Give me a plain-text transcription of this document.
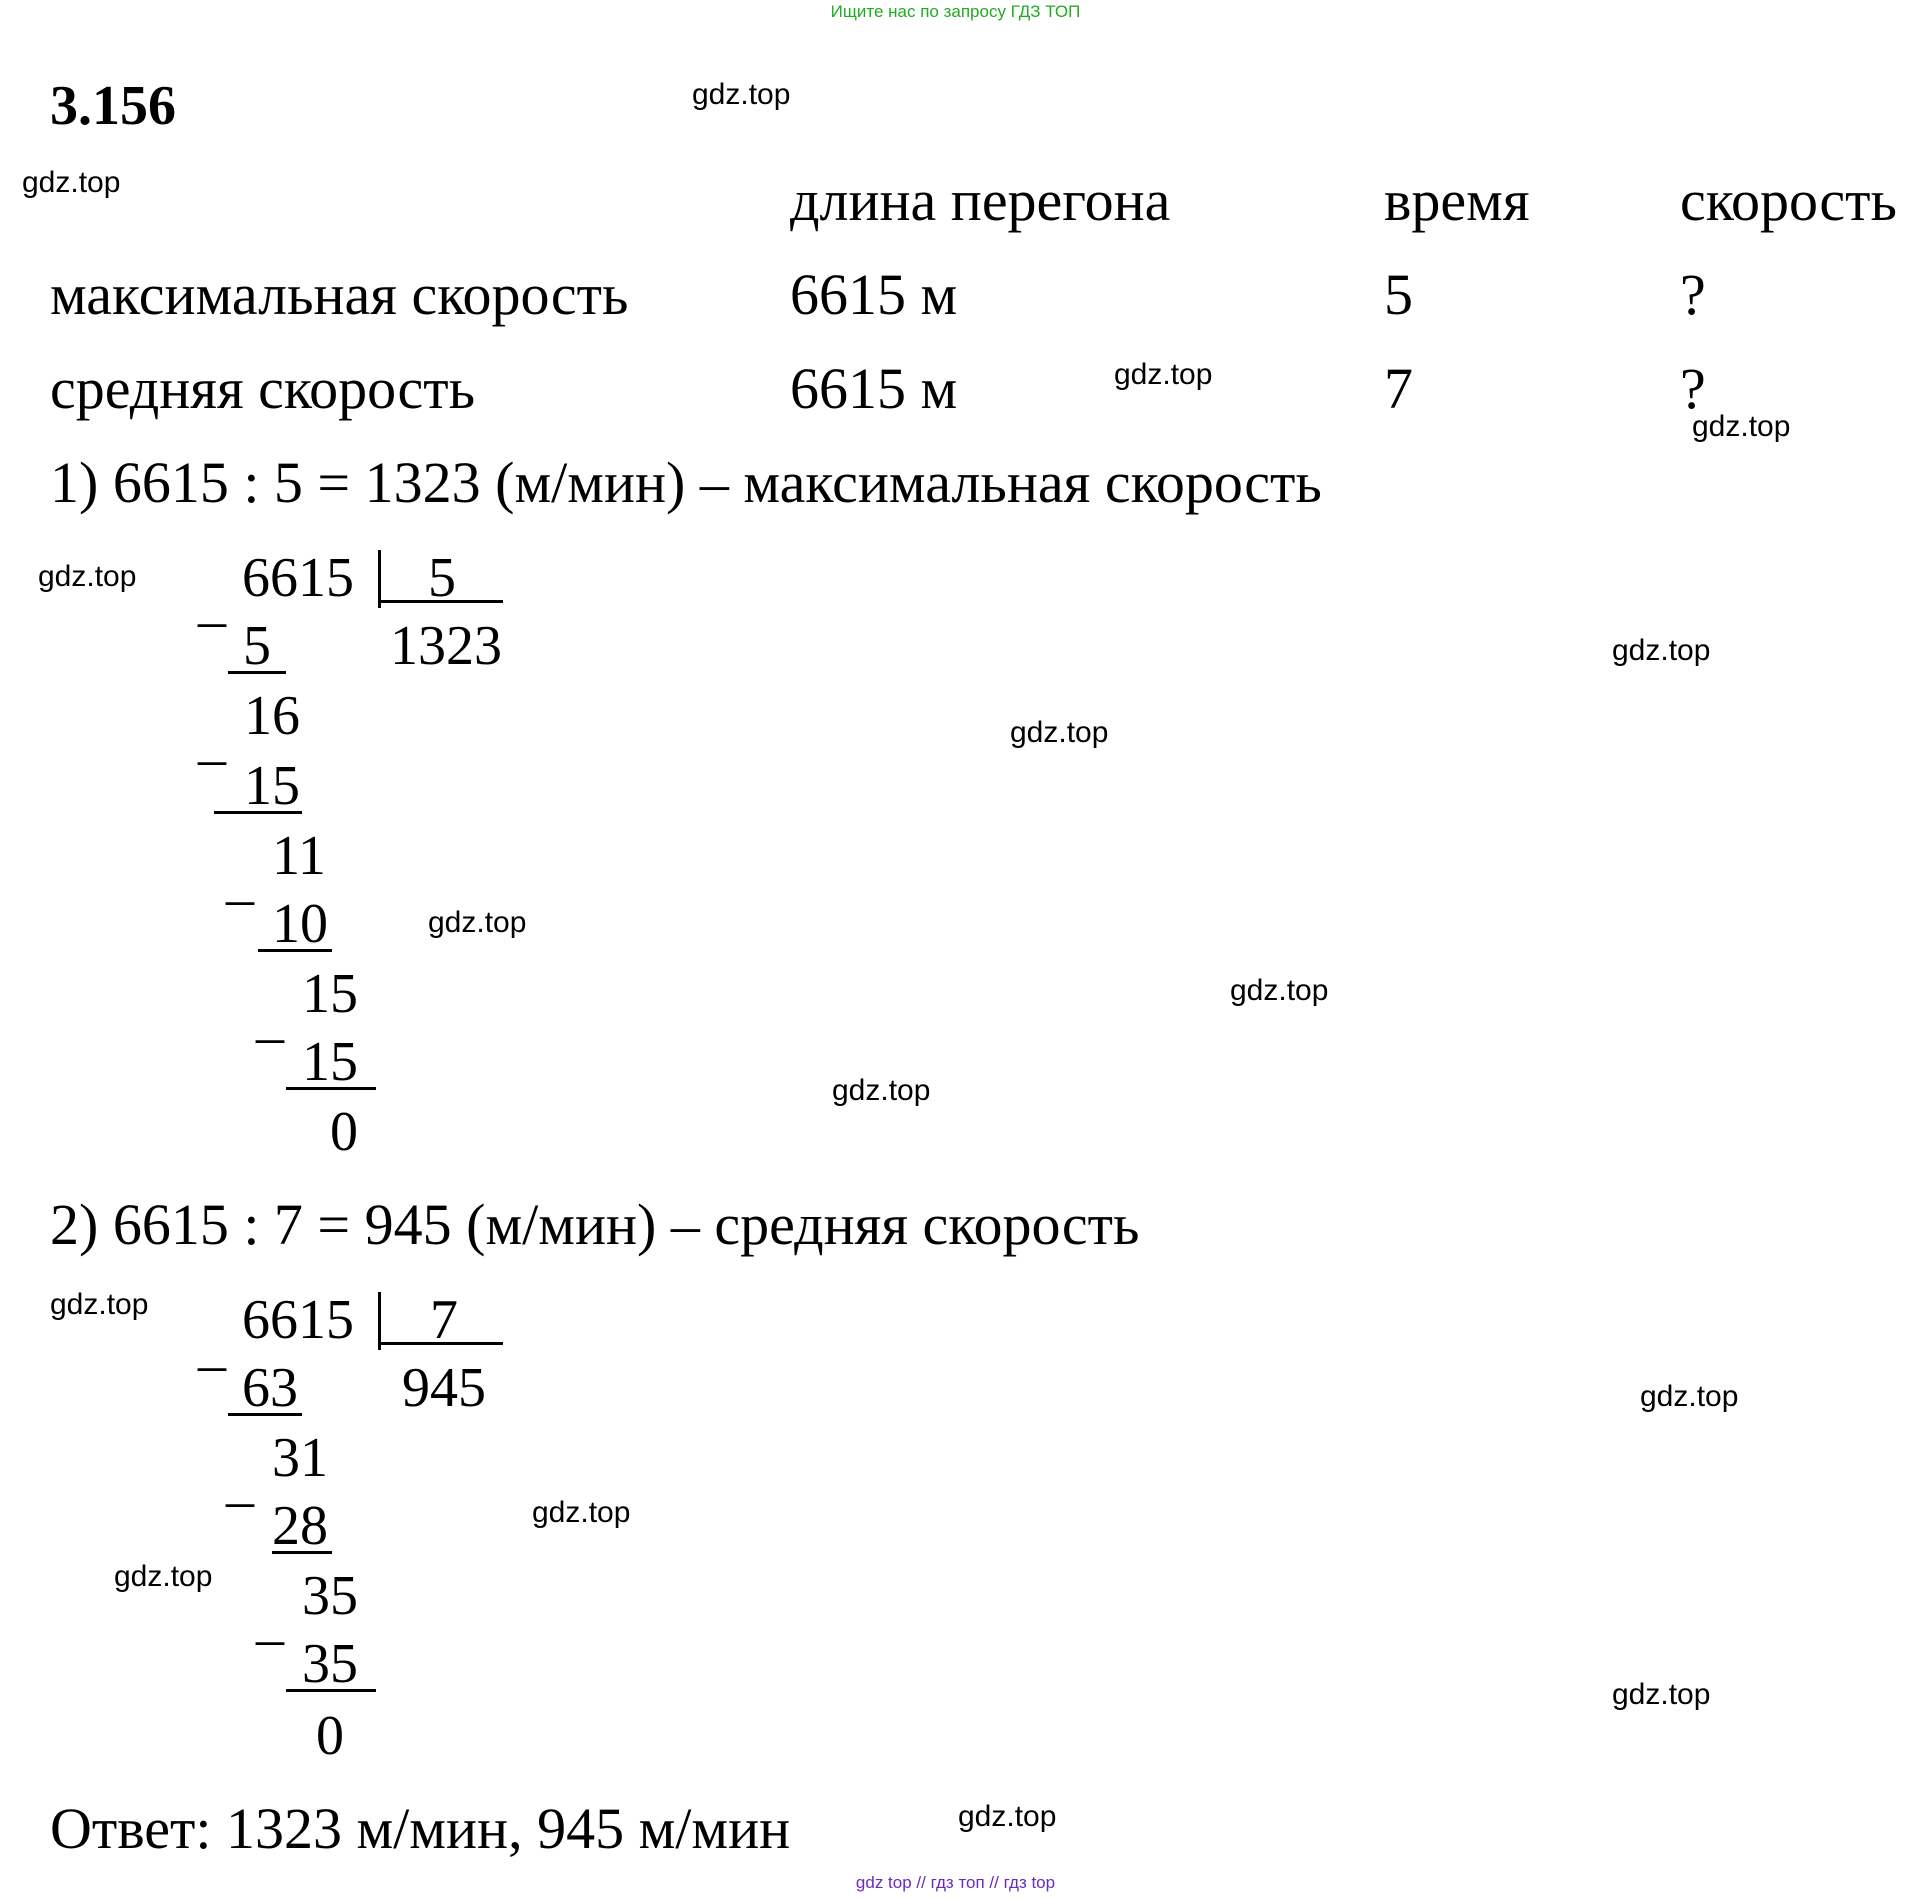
Ищите нас по запросу ГДЗ ТОП
3.156	gdz.top
gdz.top
gdz.top
gdz.top
gdz.top
gdz.top
gdz.top
gdz.top
gdz.top
gdz.top
gdz.top
gdz.top
gdz.top
gdz.top
gdz.top
gdz.top
длина перегона	время	скорость
максимальная скорость	6615 м	5	?
средняя скорость	6615 м	7	?
1) 6615 : 5 = 1323 (м/мин) – максимальная скорость
_ 6615 5
1323
5
_ 16
15
_ 11
10
_ 15
15
0
2) 6615 : 7 = 945 (м/мин) – средняя скорость
_ 6615 7
945
63
_ 31
28
_ 35
35
0
Ответ: 1323 м/мин, 945 м/мин
gdz top // гдз топ // гдз top
